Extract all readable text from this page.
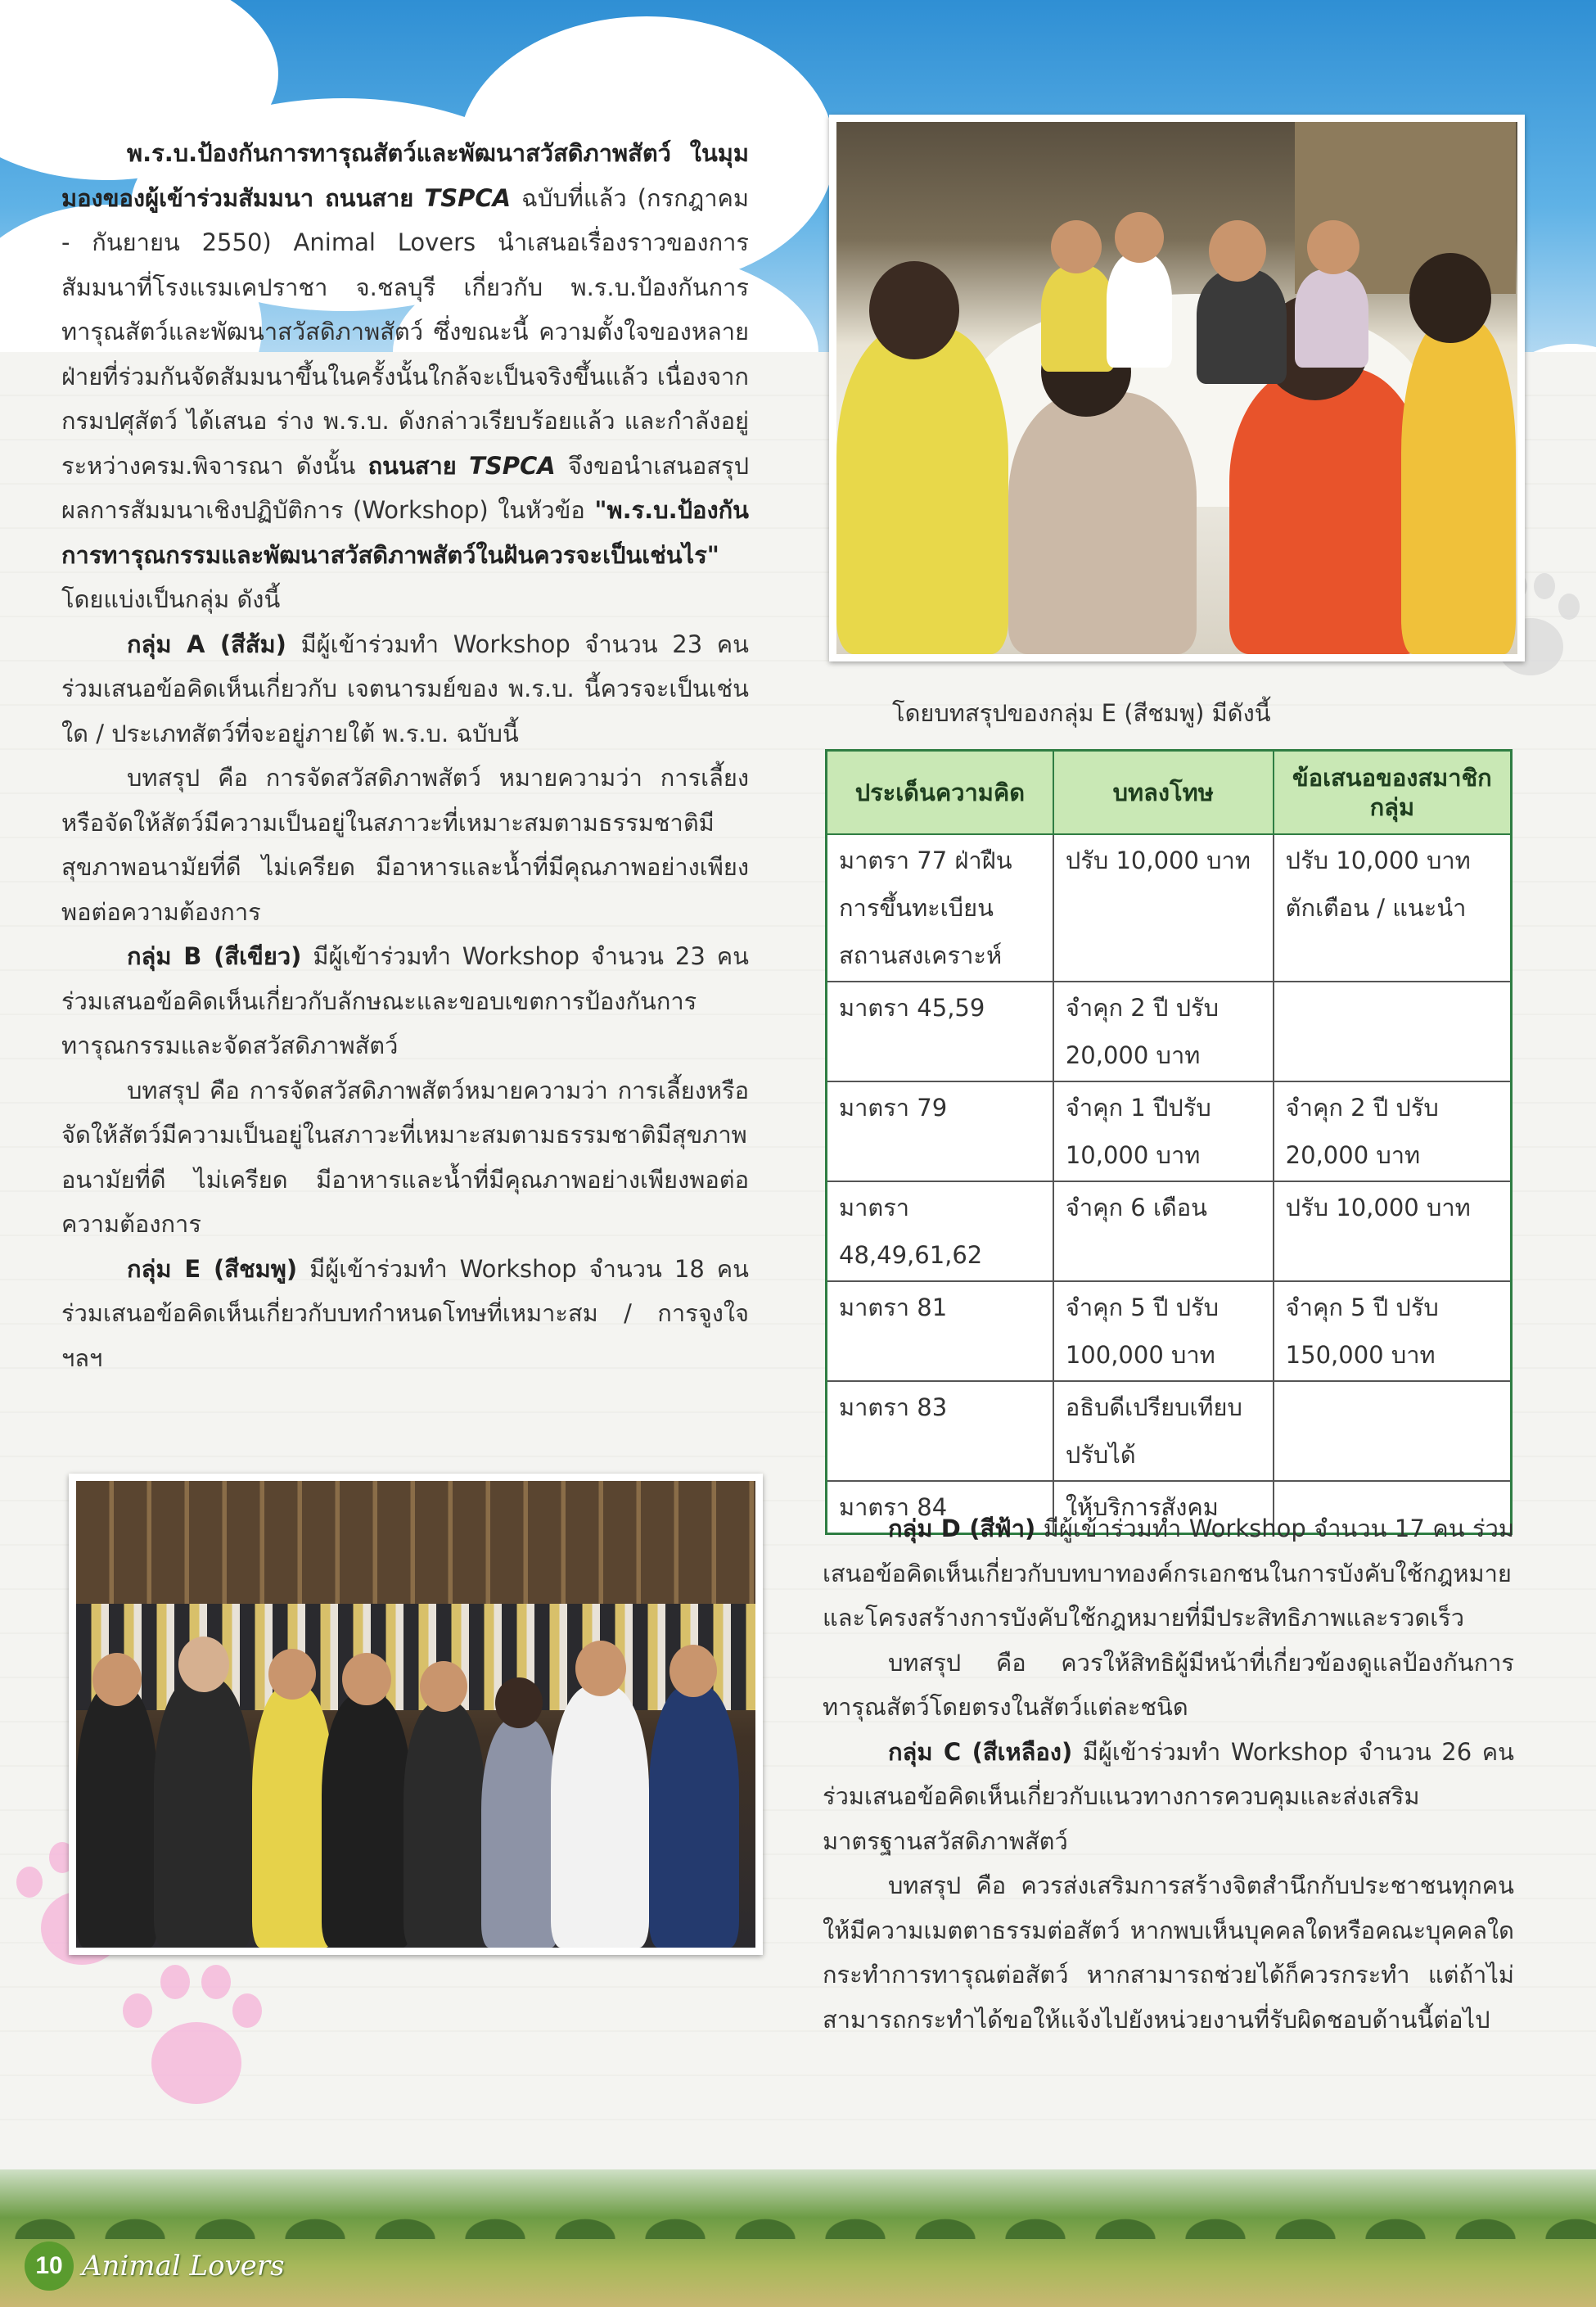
10 Animal Lovers

พ.ร.บ.ป้องกันการทารุณสัตว์และพัฒนาสวัสดิภาพสัตว์ ในมุมมองของผู้เข้าร่วมสัมมนา ถนนสาย TSPCA ฉบับที่แล้ว (กรกฎาคม - กันยายน 2550) Animal Lovers นำเสนอเรื่องราวของการสัมมนาที่โรงแรมเคปราชา จ.ชลบุรี เกี่ยวกับ พ.ร.บ.ป้องกันการทารุณสัตว์และพัฒนาสวัสดิภาพสัตว์ ซึ่งขณะนี้ ความตั้งใจของหลายฝ่ายที่ร่วมกันจัดสัมมนาขึ้นในครั้งนั้นใกล้จะเป็นจริงขึ้นแล้ว เนื่องจากกรมปศุสัตว์ ได้เสนอ ร่าง พ.ร.บ. ดังกล่าวเรียบร้อยแล้ว และกำลังอยู่ระหว่างครม.พิจารณา ดังนั้น ถนนสาย TSPCA จึงขอนำเสนอสรุปผลการสัมมนาเชิงปฏิบัติการ (Workshop) ในหัวข้อ "พ.ร.บ.ป้องกันการทารุณกรรมและพัฒนาสวัสดิภาพสัตว์ในฝันควรจะเป็นเช่นไร" โดยแบ่งเป็นกลุ่ม ดังนี้

กลุ่ม A (สีส้ม) มีผู้เข้าร่วมทำ Workshop จำนวน 23 คน ร่วมเสนอข้อคิดเห็นเกี่ยวกับ เจตนารมย์ของ พ.ร.บ. นี้ควรจะเป็นเช่นใด / ประเภทสัตว์ที่จะอยู่ภายใต้ พ.ร.บ. ฉบับนี้

บทสรุป คือ การจัดสวัสดิภาพสัตว์ หมายความว่า การเลี้ยงหรือจัดให้สัตว์มีความเป็นอยู่ในสภาวะที่เหมาะสมตามธรรมชาติมีสุขภาพอนามัยที่ดี ไม่เครียด มีอาหารและน้ำที่มีคุณภาพอย่างเพียงพอต่อความต้องการ

กลุ่ม B (สีเขียว) มีผู้เข้าร่วมทำ Workshop จำนวน 23 คน ร่วมเสนอข้อคิดเห็นเกี่ยวกับลักษณะและขอบเขตการป้องกันการทารุณกรรมและจัดสวัสดิภาพสัตว์

บทสรุป คือ การจัดสวัสดิภาพสัตว์หมายความว่า การเลี้ยงหรือจัดให้สัตว์มีความเป็นอยู่ในสภาวะที่เหมาะสมตามธรรมชาติมีสุขภาพอนามัยที่ดี ไม่เครียด มีอาหารและน้ำที่มีคุณภาพอย่างเพียงพอต่อความต้องการ

กลุ่ม E (สีชมพู) มีผู้เข้าร่วมทำ Workshop จำนวน 18 คน ร่วมเสนอข้อคิดเห็นเกี่ยวกับบทกำหนดโทษที่เหมาะสม / การจูงใจ ฯลฯ

โดยบทสรุปของกลุ่ม E (สีชมพู) มีดังนี้
ประเด็นความคิด	บทลงโทษ	ข้อเสนอของสมาชิกกลุ่ม
มาตรา 77 ฝ่าฝืนการขึ้นทะเบียนสถานสงเคราะห์	ปรับ 10,000 บาท	ปรับ 10,000 บาท ตักเตือน / แนะนำ
มาตรา 45,59	จำคุก 2 ปี ปรับ 20,000 บาท	
มาตรา 79	จำคุก 1 ปีปรับ 10,000 บาท	จำคุก 2 ปี ปรับ 20,000 บาท
มาตรา 48,49,61,62	จำคุก 6 เดือน	ปรับ 10,000 บาท
มาตรา 81	จำคุก 5 ปี ปรับ 100,000 บาท	จำคุก 5 ปี ปรับ 150,000 บาท
มาตรา 83	อธิบดีเปรียบเทียบปรับได้	
มาตรา 84	ให้บริการสังคม	

กลุ่ม D (สีฟ้า) มีผู้เข้าร่วมทำ Workshop จำนวน 17 คน ร่วมเสนอข้อคิดเห็นเกี่ยวกับบทบาทองค์กรเอกชนในการบังคับใช้กฎหมาย และโครงสร้างการบังคับใช้กฎหมายที่มีประสิทธิภาพและรวดเร็ว

บทสรุป คือ ควรให้สิทธิผู้มีหน้าที่เกี่ยวข้องดูแลป้องกันการทารุณสัตว์โดยตรงในสัตว์แต่ละชนิด

กลุ่ม C (สีเหลือง) มีผู้เข้าร่วมทำ Workshop จำนวน 26 คน ร่วมเสนอข้อคิดเห็นเกี่ยวกับแนวทางการควบคุมและส่งเสริมมาตรฐานสวัสดิภาพสัตว์

บทสรุป คือ ควรส่งเสริมการสร้างจิตสำนึกกับประชาชนทุกคนให้มีความเมตตาธรรมต่อสัตว์ หากพบเห็นบุคคลใดหรือคณะบุคคลใดกระทำการทารุณต่อสัตว์ หากสามารถช่วยได้ก็ควรกระทำ แต่ถ้าไม่สามารถกระทำได้ขอให้แจ้งไปยังหน่วยงานที่รับผิดชอบด้านนี้ต่อไป
